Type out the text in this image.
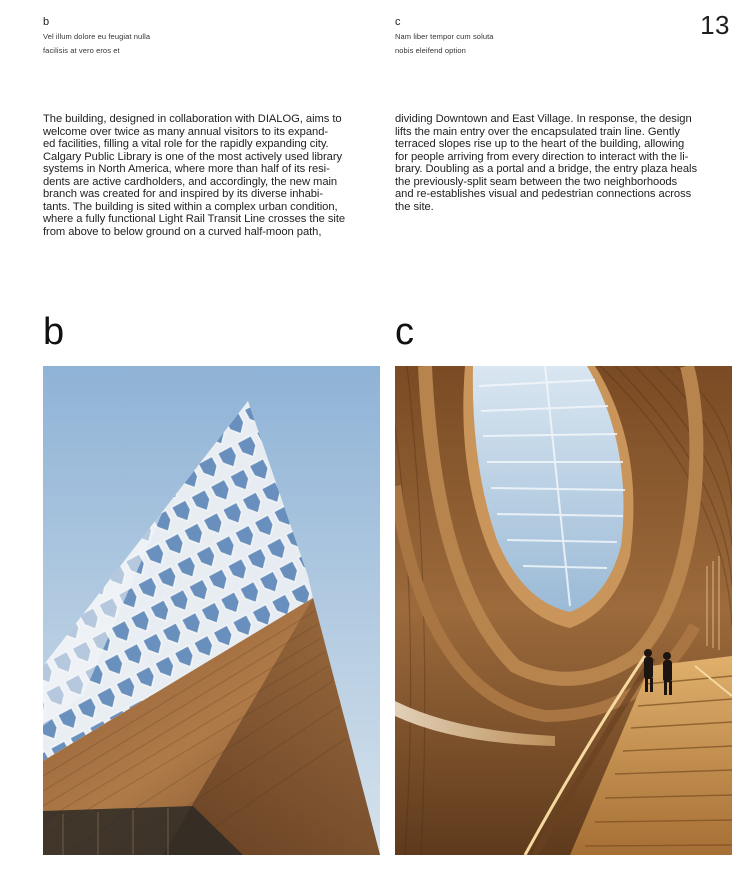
b
Vel illum dolore eu feugiat nulla
facilisis at vero eros et
c
Nam liber tempor cum soluta
nobis eleifend option
13
The building, designed in collaboration with DIALOG, aims to
welcome over twice as many annual visitors to its expand-
ed facilities, filling a vital role for the rapidly expanding city.
Calgary Public Library is one of the most actively used library
systems in North America, where more than half of its resi-
dents are active cardholders, and accordingly, the new main
branch was created for and inspired by its diverse inhabi-
tants. The building is sited within a complex urban condition,
where a fully functional Light Rail Transit Line crosses the site
from above to below ground on a curved half-moon path,
dividing Downtown and East Village. In response, the design
lifts the main entry over the encapsulated train line. Gently
terraced slopes rise up to the heart of the building, allowing
for people arriving from every direction to interact with the li-
brary. Doubling as a portal and a bridge, the entry plaza heals
the previously-split seam between the two neighborhoods
and re-establishes visual and pedestrian connections across
the site.
b	c
